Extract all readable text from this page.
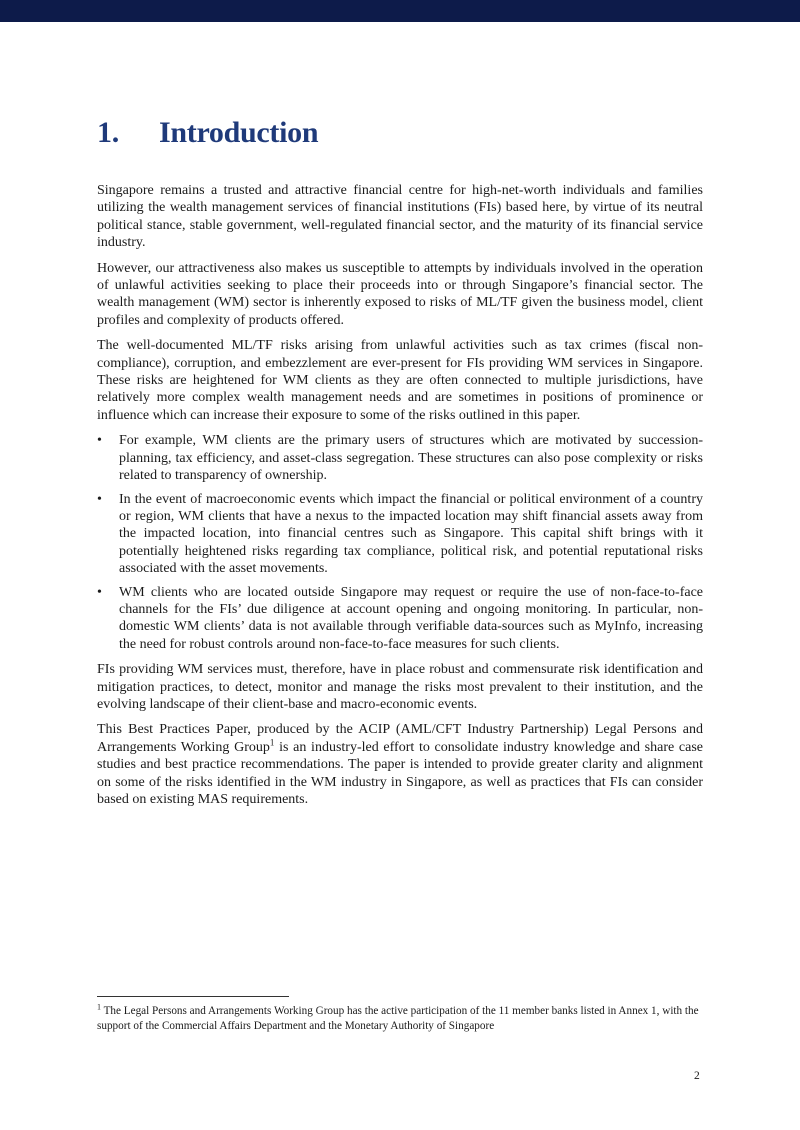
1. Introduction

Singapore remains a trusted and attractive financial centre for high-net-worth individuals and families utilizing the wealth management services of financial institutions (FIs) based here, by virtue of its neutral political stance, stable government, well-regulated financial sector, and the maturity of its financial service industry.

However, our attractiveness also makes us susceptible to attempts by individuals involved in the operation of unlawful activities seeking to place their proceeds into or through Singapore’s financial sector. The wealth management (WM) sector is inherently exposed to risks of ML/TF given the business model, client profiles and complexity of products offered.

The well-documented ML/TF risks arising from unlawful activities such as tax crimes (fiscal non-compliance), corruption, and embezzlement are ever-present for FIs providing WM services in Singapore. These risks are heightened for WM clients as they are often connected to multiple jurisdictions, have relatively more complex wealth management needs and are sometimes in positions of prominence or influence which can increase their exposure to some of the risks outlined in this paper.

• For example, WM clients are the primary users of structures which are motivated by succession-planning, tax efficiency, and asset-class segregation. These structures can also pose complexity or risks related to transparency of ownership.
• In the event of macroeconomic events which impact the financial or political environment of a country or region, WM clients that have a nexus to the impacted location may shift financial assets away from the impacted location, into financial centres such as Singapore. This capital shift brings with it potentially heightened risks regarding tax compliance, political risk, and potential reputational risks associated with the asset movements.
• WM clients who are located outside Singapore may request or require the use of non-face-to-face channels for the FIs’ due diligence at account opening and ongoing monitoring. In particular, non-domestic WM clients’ data is not available through verifiable data-sources such as MyInfo, increasing the need for robust controls around non-face-to-face measures for such clients.

FIs providing WM services must, therefore, have in place robust and commensurate risk identification and mitigation practices, to detect, monitor and manage the risks most prevalent to their institution, and the evolving landscape of their client-base and macro-economic events.

This Best Practices Paper, produced by the ACIP (AML/CFT Industry Partnership) Legal Persons and Arrangements Working Group$^1$ is an industry-led effort to consolidate industry knowledge and share case studies and best practice recommendations. The paper is intended to provide greater clarity and alignment on some of the risks identified in the WM industry in Singapore, as well as practices that FIs can consider based on existing MAS requirements.

$^1$ The Legal Persons and Arrangements Working Group has the active participation of the 11 member banks listed in Annex 1, with the support of the Commercial Affairs Department and the Monetary Authority of Singapore
2
